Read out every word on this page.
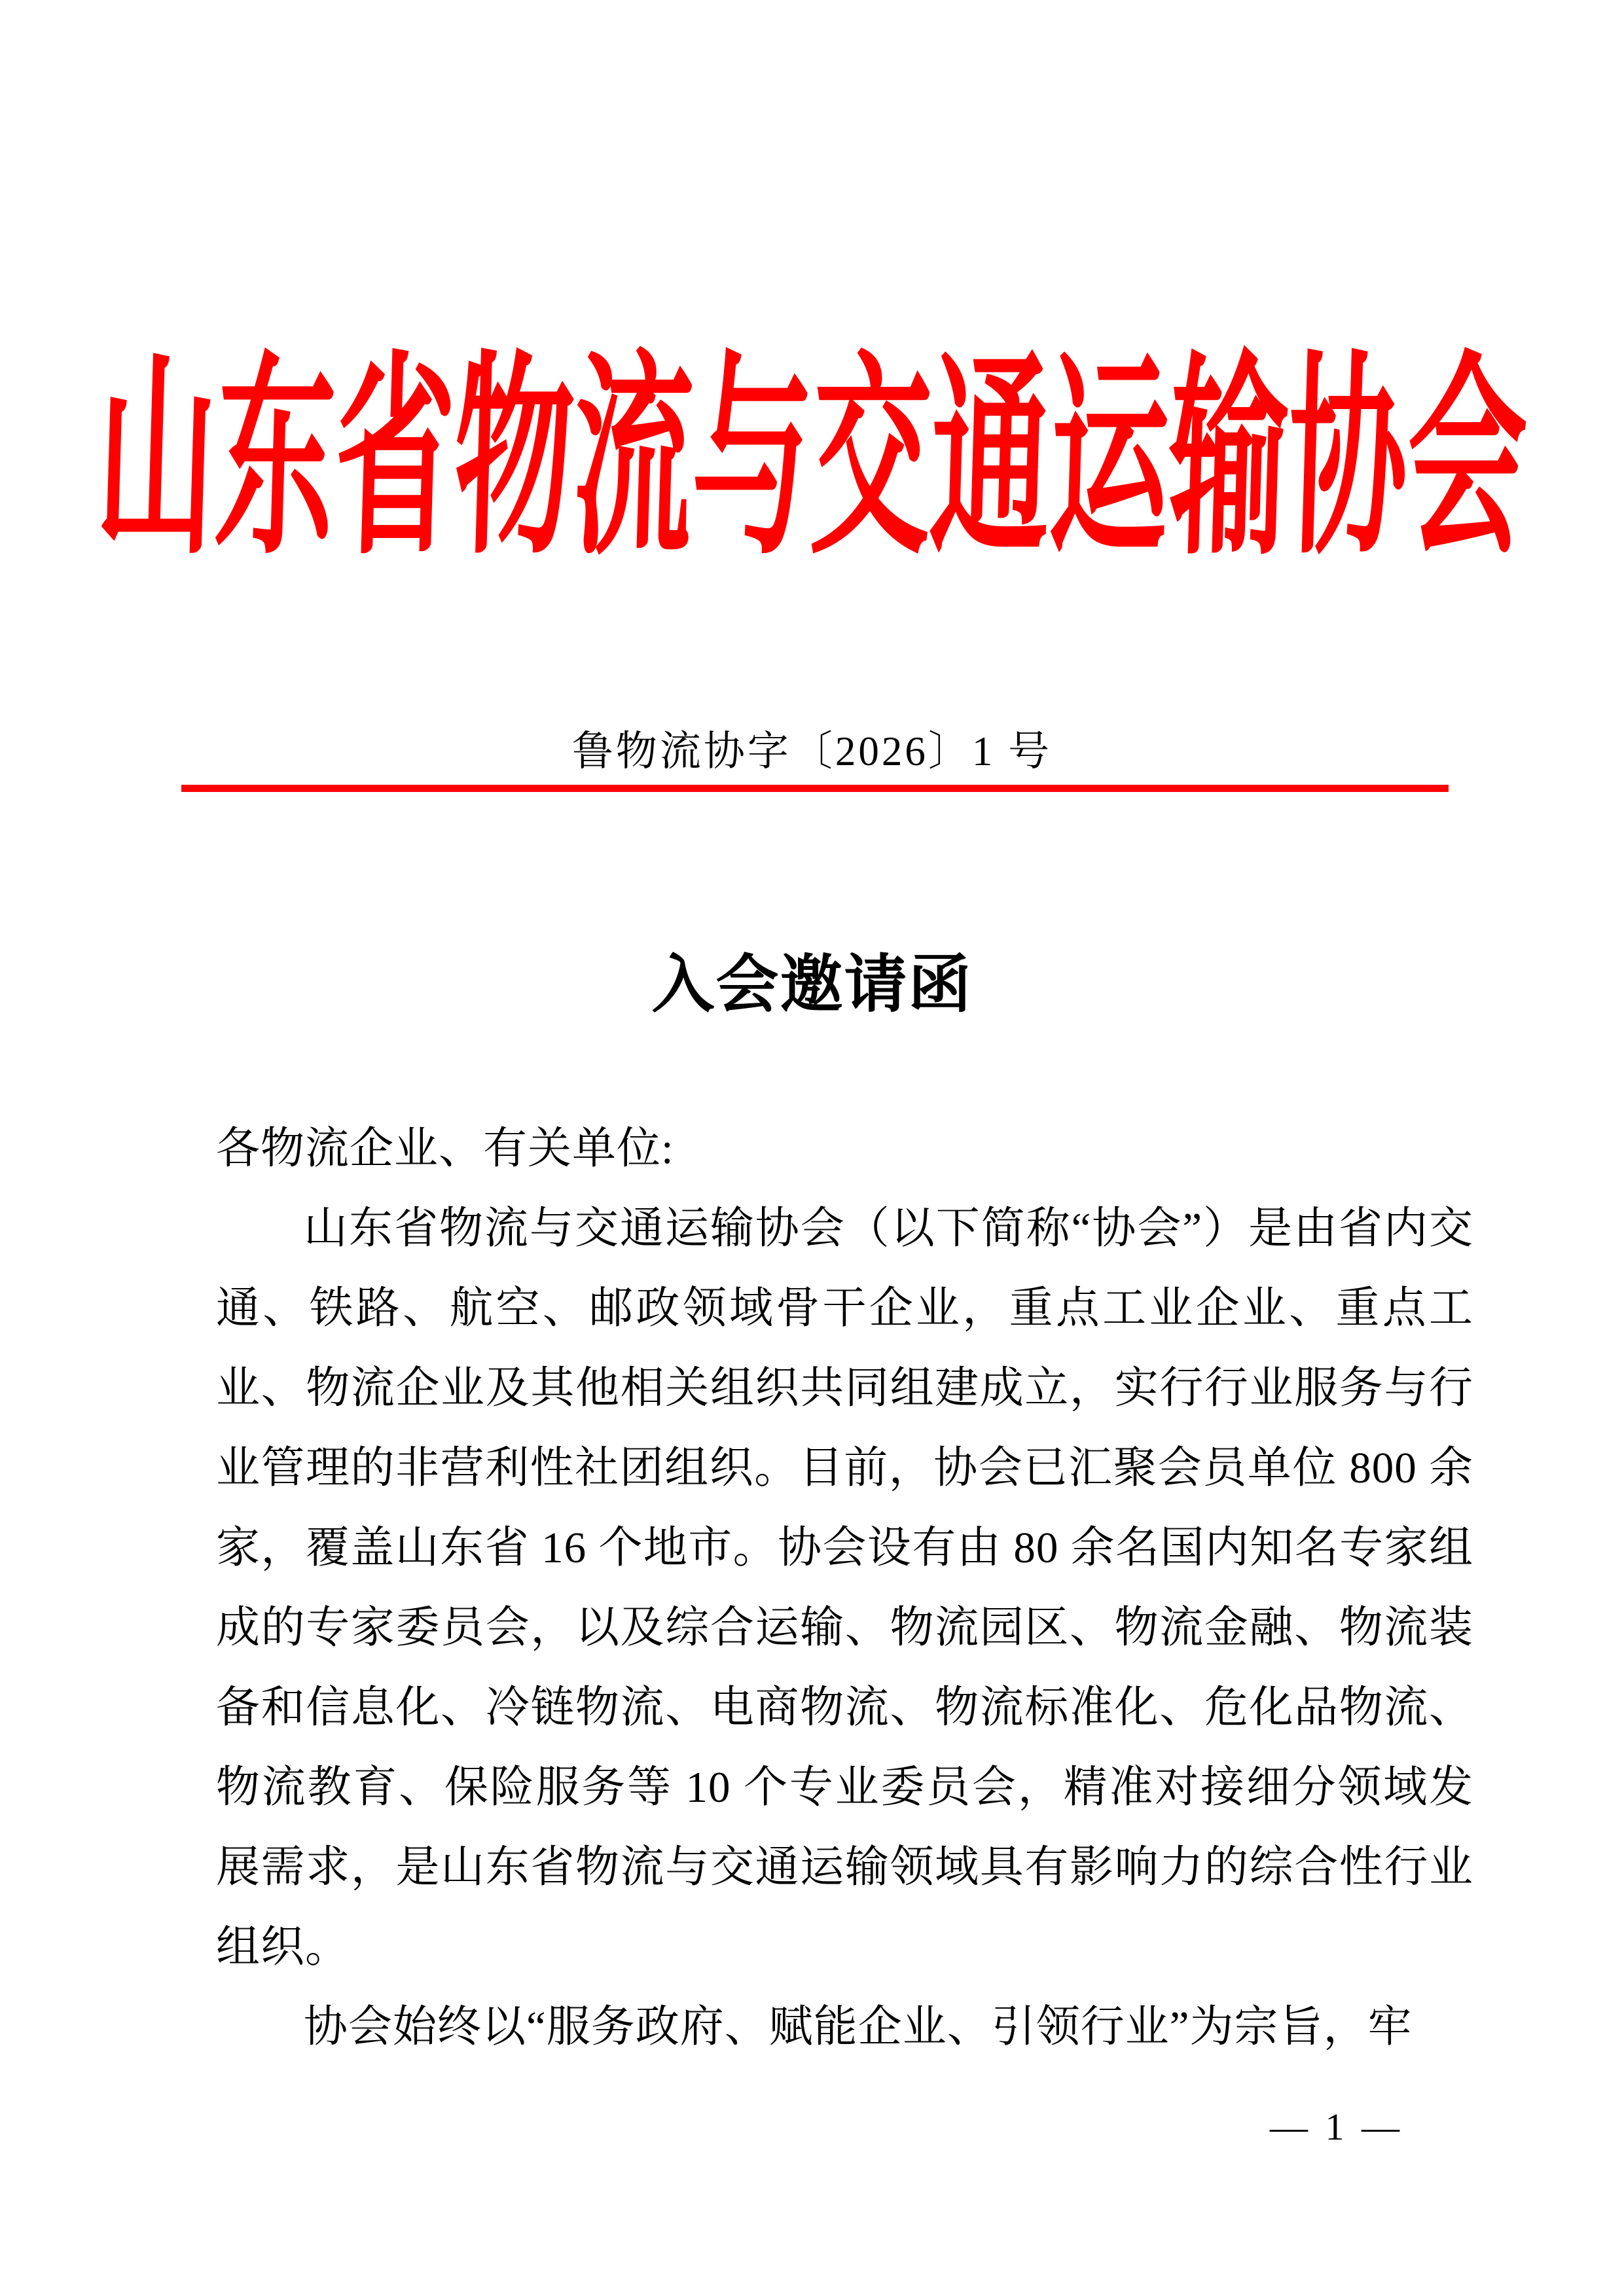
山东省物流与交通运输协会
鲁物流协字〔2026〕1 号
入会邀请函

各物流企业、有关单位:

山东省物流与交通运输协会（以下简称“协会”）是由省内交通、铁路、航空、邮政领域骨干企业，重点工业企业、重点工业、物流企业及其他相关组织共同组建成立，实行行业服务与行业管理的非营利性社团组织。目前，协会已汇聚会员单位 800 余家，覆盖山东省 16 个地市。协会设有由 80 余名国内知名专家组成的专家委员会，以及综合运输、物流园区、物流金融、物流装备和信息化、冷链物流、电商物流、物流标准化、危化品物流、物流教育、保险服务等 10 个专业委员会，精准对接细分领域发展需求，是山东省物流与交通运输领域具有影响力的综合性行业组织。

协会始终以“服务政府、赋能企业、引领行业”为宗旨，牢

— 1 —
